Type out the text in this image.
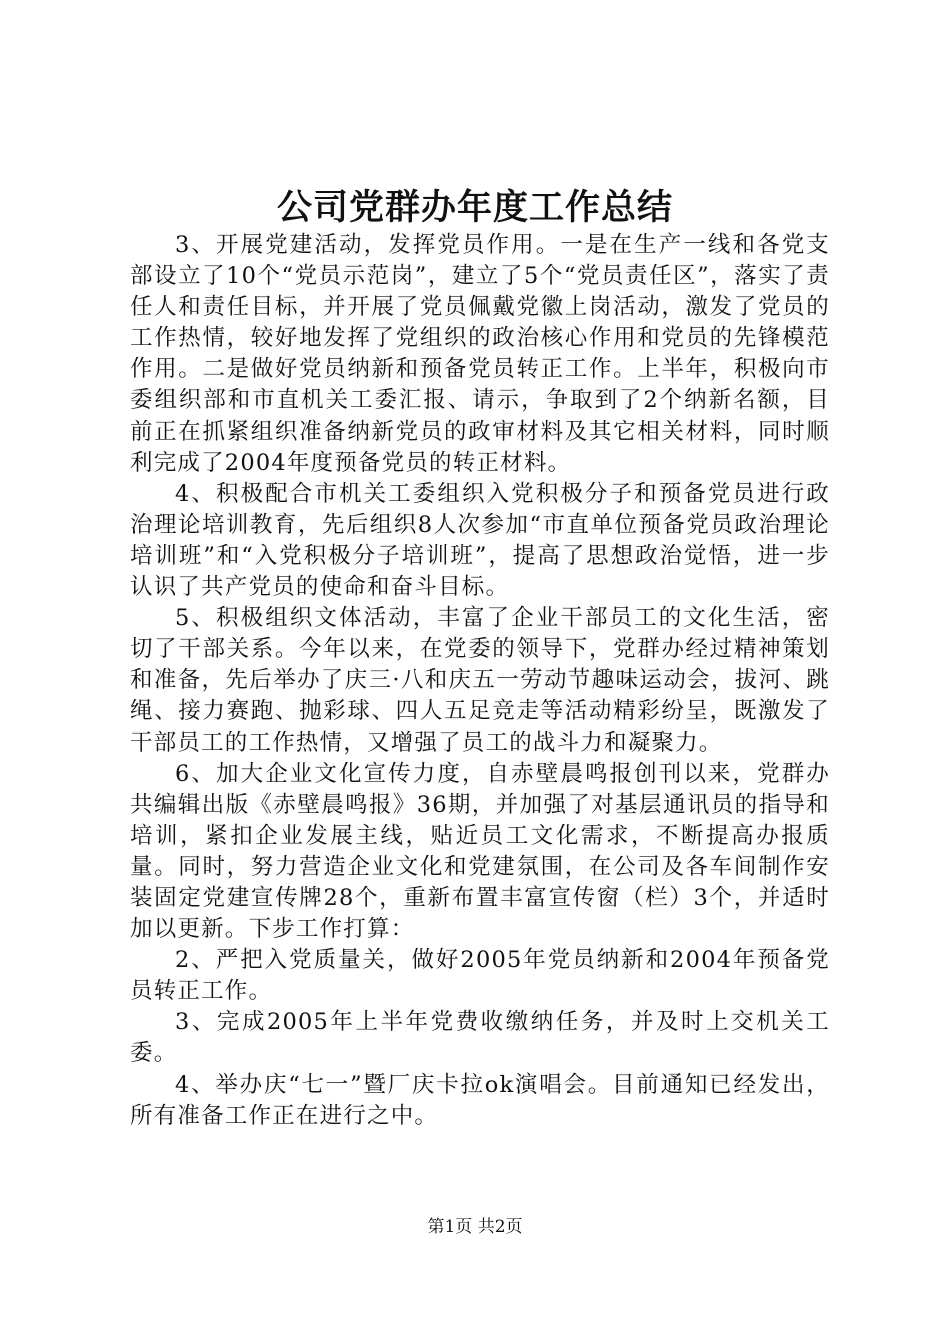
公司党群办年度工作总结

3、开展党建活动，发挥党员作用。一是在生产一线和各党支部设立了10个“党员示范岗”，建立了5个“党员责任区”，落实了责任人和责任目标，并开展了党员佩戴党徽上岗活动，激发了党员的工作热情，较好地发挥了党组织的政治核心作用和党员的先锋模范作用。二是做好党员纳新和预备党员转正工作。上半年，积极向市委组织部和市直机关工委汇报、请示，争取到了2个纳新名额，目前正在抓紧组织准备纳新党员的政审材料及其它相关材料，同时顺利完成了2004年度预备党员的转正材料。

4、积极配合市机关工委组织入党积极分子和预备党员进行政治理论培训教育，先后组织8人次参加“市直单位预备党员政治理论培训班”和“入党积极分子培训班”，提高了思想政治觉悟，进一步认识了共产党员的使命和奋斗目标。

5、积极组织文体活动，丰富了企业干部员工的文化生活，密切了干部关系。今年以来，在党委的领导下，党群办经过精神策划和准备，先后举办了庆三·八和庆五一劳动节趣味运动会，拔河、跳绳、接力赛跑、抛彩球、四人五足竞走等活动精彩纷呈，既激发了干部员工的工作热情，又增强了员工的战斗力和凝聚力。

6、加大企业文化宣传力度，自赤壁晨鸣报创刊以来，党群办共编辑出版《赤壁晨鸣报》36期，并加强了对基层通讯员的指导和培训，紧扣企业发展主线，贴近员工文化需求，不断提高办报质量。同时，努力营造企业文化和党建氛围，在公司及各车间制作安装固定党建宣传牌28个，重新布置丰富宣传窗（栏）3个，并适时加以更新。下步工作打算：

2、严把入党质量关，做好2005年党员纳新和2004年预备党员转正工作。

3、完成2005年上半年党费收缴纳任务，并及时上交机关工委。

4、举办庆“七一”暨厂庆卡拉ok演唱会。目前通知已经发出，所有准备工作正在进行之中。

第1页 共2页
